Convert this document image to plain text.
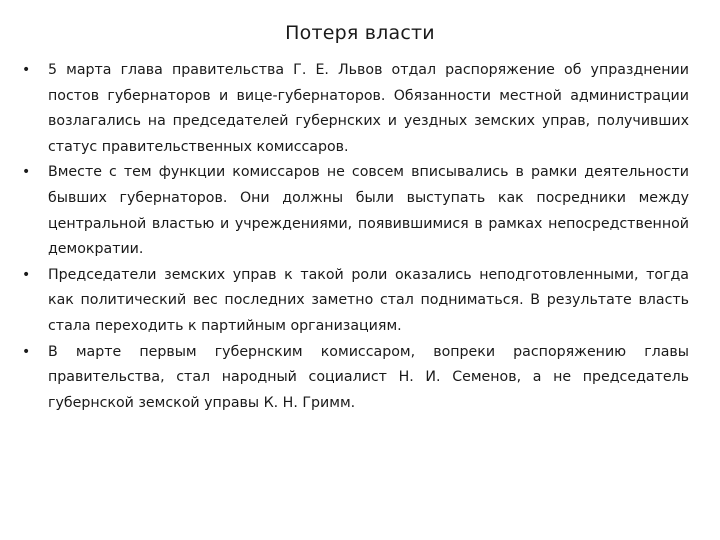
Потеря власти
•	5 марта глава правительства Г. Е. Львов отдал распоряжение об упразднении постов губернаторов и вице-губернаторов. Обязанности местной администрации возлагались на председателей губернских и уездных земских управ, получивших статус правительственных комиссаров.
•	Вместе с тем функции комиссаров не совсем вписывались в рамки деятельности бывших губернаторов. Они должны были выступать как посредники между центральной властью и учреждениями, появившимися в рамках непосредственной демократии.
•	Председатели земских управ к такой роли оказались неподготовленными, тогда как политический вес последних заметно стал подниматься. В результате власть стала переходить к партийным организациям.
•	В марте первым губернским комиссаром, вопреки распоряжению главы правительства, стал народный социалист Н. И. Семенов, а не председатель губернской земской управы К. Н. Гримм.
